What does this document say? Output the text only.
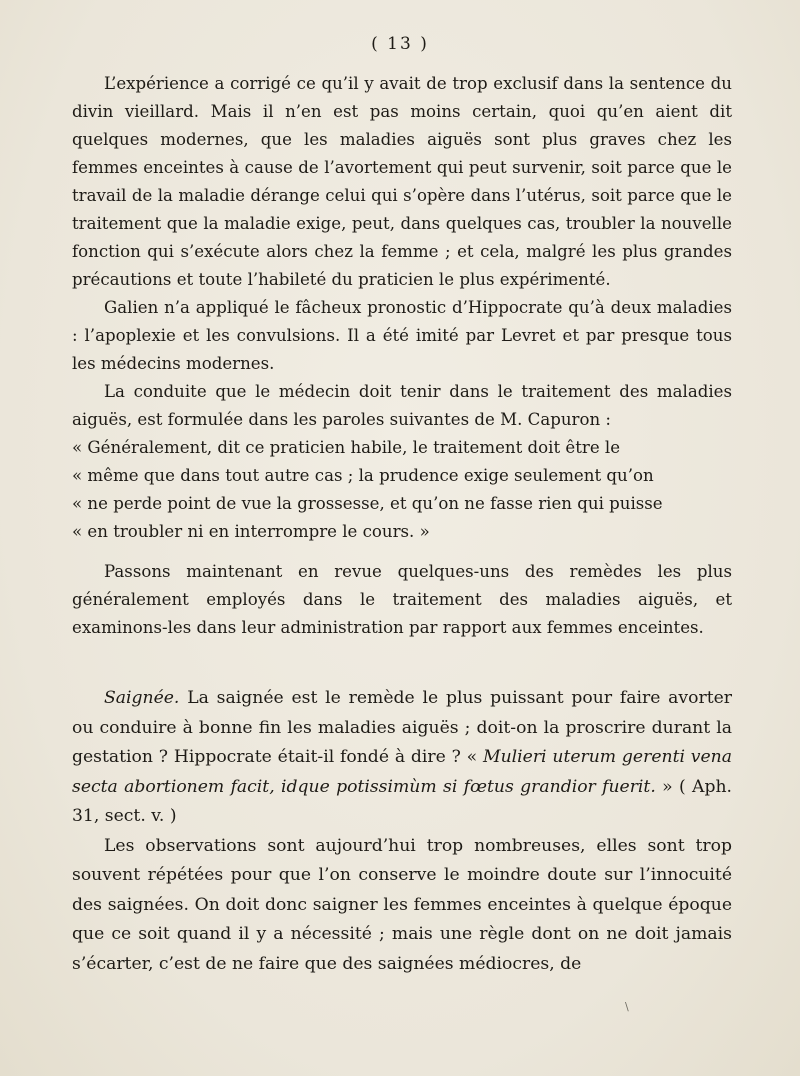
( 13 )

L’expérience a corrigé ce qu’il y avait de trop exclusif dans la sentence du divin vieillard. Mais il n’en est pas moins certain, quoi qu’en aient dit quelques modernes, que les maladies aiguës sont plus graves chez les femmes enceintes à cause de l’avortement qui peut survenir, soit parce que le travail de la maladie dérange celui qui s’opère dans l’utérus, soit parce que le traitement que la maladie exige, peut, dans quelques cas, troubler la nouvelle fonction qui s’exécute alors chez la femme ; et cela, malgré les plus grandes précautions et toute l’habileté du praticien le plus expérimenté.

Galien n’a appliqué le fâcheux pronostic d’Hippocrate qu’à deux maladies : l’apoplexie et les convulsions. Il a été imité par Levret et par presque tous les médecins modernes.

La conduite que le médecin doit tenir dans le traitement des maladies aiguës, est formulée dans les paroles suivantes de M. Capuron :

« Généralement, dit ce praticien habile, le traitement doit être le

« même que dans tout autre cas ; la prudence exige seulement qu’on

« ne perde point de vue la grossesse, et qu’on ne fasse rien qui puisse

« en troubler ni en interrompre le cours. »

Passons maintenant en revue quelques-uns des remèdes les plus généralement employés dans le traitement des maladies aiguës, et examinons-les dans leur administration par rapport aux femmes enceintes.

Saignée. La saignée est le remède le plus puissant pour faire avorter ou conduire à bonne fin les maladies aiguës ; doit-on la proscrire durant la gestation ? Hippocrate était-il fondé à dire ? « Mulieri uterum gerenti vena secta abortionem facit, idque potissimùm si fœtus grandior fuerit. » ( Aph. 31, sect. v. )

Les observations sont aujourd’hui trop nombreuses, elles sont trop souvent répétées pour que l’on conserve le moindre doute sur l’innocuité des saignées. On doit donc saigner les femmes enceintes à quelque époque que ce soit quand il y a nécessité ; mais une règle dont on ne doit jamais s’écarter, c’est de ne faire que des saignées médiocres, de

\
